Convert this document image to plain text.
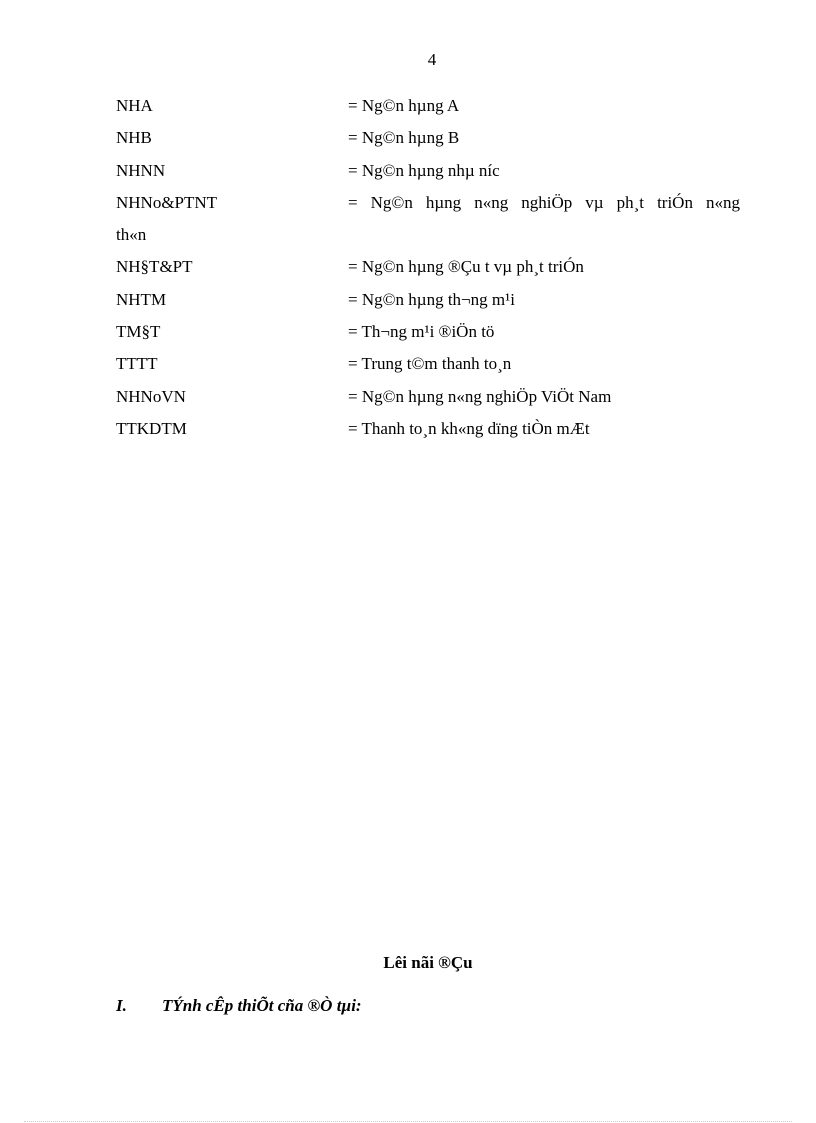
4
NHA	= Ng©n hµng A
NHB	= Ng©n hµng B
NHNN	= Ng©n hµng nhµ níc
NHNo&PTNT	= Ng©n hµng n«ng nghiÖp vµ ph¸t triÓn n«ng
th«n
NH§T&PT	= Ng©n hµng ®Çu t vµ ph¸t triÓn
NHTM	= Ng©n hµng th¬ng m¹i
TM§T	= Th¬ng m¹i ®iÖn tö
TTTT	= Trung t©m thanh to¸n
NHNoVN	= Ng©n hµng n«ng nghiÖp ViÖt Nam
TTKDTM	= Thanh to¸n kh«ng dïng tiÒn mÆt
Lêi nãi ®Çu
I. TÝnh cÊp thiÕt cña ®Ò tµi:
